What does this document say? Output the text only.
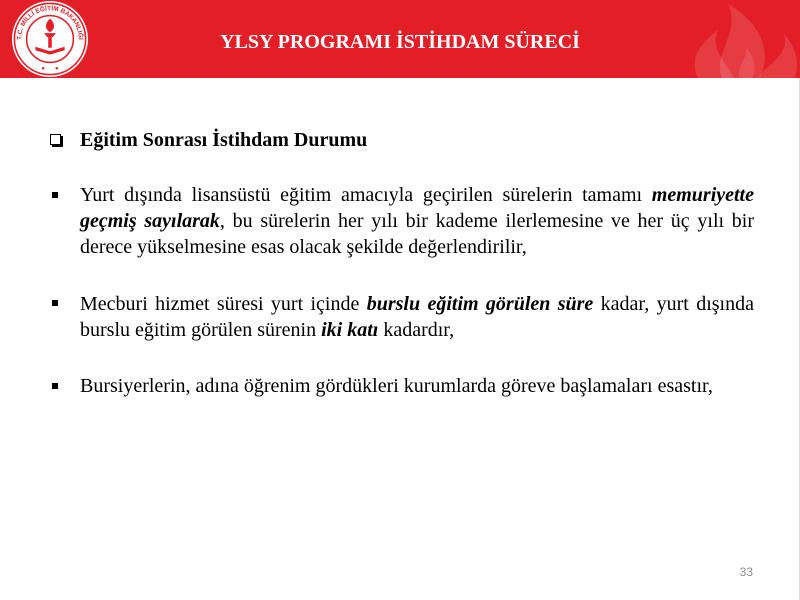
T.C. MİLLİ EĞİTİM BAKANLIĞI	YLSY PROGRAMI İSTİHDAM SÜRECİ
Eğitim Sonrası İstihdam Durumu

Yurt dışında lisansüstü eğitim amacıyla geçirilen sürelerin tamamı memuriyette geçmiş sayılarak, bu sürelerin her yılı bir kademe ilerlemesine ve her üç yılı bir derece yükselmesine esas olacak şekilde değerlendirilir,

Mecburi hizmet süresi yurt içinde burslu eğitim görülen süre kadar, yurt dışında burslu eğitim görülen sürenin iki katı kadardır,

Bursiyerlerin, adına öğrenim gördükleri kurumlarda göreve başlamaları esastır,

33
